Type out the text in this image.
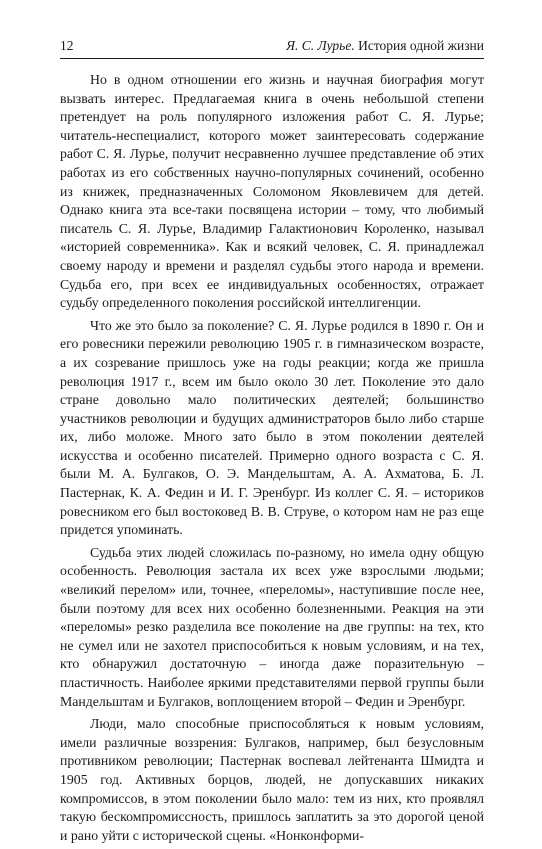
12	Я. С. Лурье. История одной жизни

Но в одном отношении его жизнь и научная биография могут вызвать интерес. Предлагаемая книга в очень небольшой степени претендует на роль популярного изложения работ С. Я. Лурье; читатель-неспециалист, которого может заинтересовать содержание работ С. Я. Лурье, получит несравненно лучшее представление об этих работах из его собственных научно-популярных сочинений, особенно из книжек, предназначенных Соломоном Яковлевичем для детей. Однако книга эта все-таки посвящена истории – тому, что любимый писатель С. Я. Лурье, Владимир Галактионович Короленко, называл «историей современника». Как и всякий человек, С. Я. принадлежал своему народу и времени и разделял судьбы этого народа и времени. Судьба его, при всех ее индивидуальных особенностях, отражает судьбу определенного поколения российской интеллигенции.

Что же это было за поколение? С. Я. Лурье родился в 1890 г. Он и его ровесники пережили революцию 1905 г. в гимназическом возрасте, а их созревание пришлось уже на годы реакции; когда же пришла революция 1917 г., всем им было около 30 лет. Поколение это дало стране довольно мало политических деятелей; большинство участников революции и будущих администраторов было либо старше их, либо моложе. Много зато было в этом поколении деятелей искусства и особенно писателей. Примерно одного возраста с С. Я. были М. А. Булгаков, О. Э. Мандельштам, А. А. Ахматова, Б. Л. Пастернак, К. А. Федин и И. Г. Эренбург. Из коллег С. Я. – историков ровесником его был востоковед В. В. Струве, о котором нам не раз еще придется упоминать.

Судьба этих людей сложилась по-разному, но имела одну общую особенность. Революция застала их всех уже взрослыми людьми; «великий перелом» или, точнее, «переломы», наступившие после нее, были поэтому для всех них особенно болезненными. Реакция на эти «переломы» резко разделила все поколение на две группы: на тех, кто не сумел или не захотел приспособиться к новым условиям, и на тех, кто обнаружил достаточную – иногда даже поразительную – пластичность. Наиболее яркими представителями первой группы были Мандельштам и Булгаков, воплощением второй – Федин и Эренбург.

Люди, мало способные приспособляться к новым условиям, имели различные воззрения: Булгаков, например, был безусловным противником революции; Пастернак воспевал лейтенанта Шмидта и 1905 год. Активных борцов, людей, не допускавших никаких компромиссов, в этом поколении было мало: тем из них, кто проявлял такую бескомпромиссность, пришлось заплатить за это дорогой ценой и рано уйти с исторической сцены. «Нонконформи-
